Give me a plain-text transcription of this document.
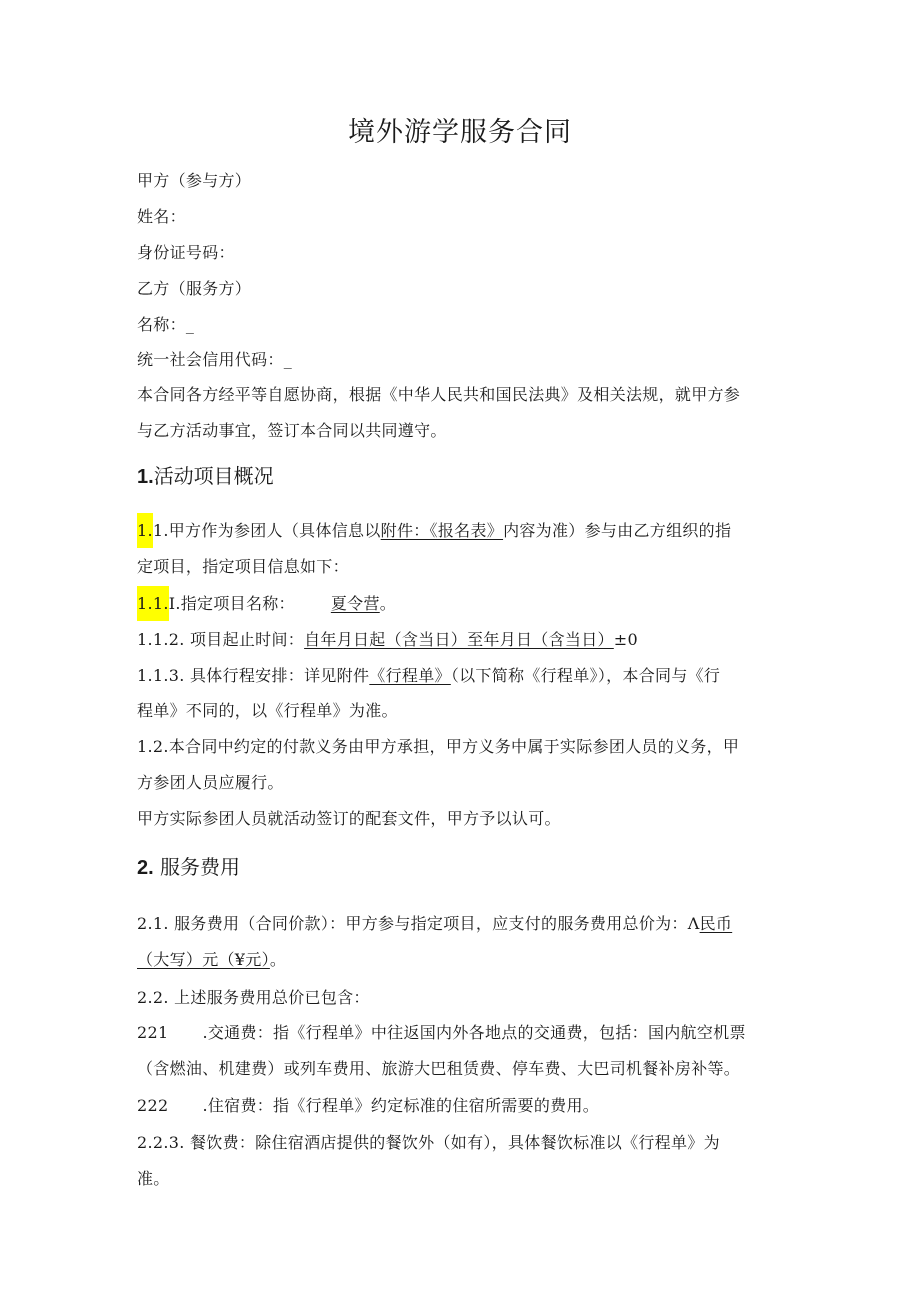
境外游学服务合同
甲方（参与方）
姓名：
身份证号码：
乙方（服务方）
名称：_
统一社会信用代码：_
本合同各方经平等自愿协商，根据《中华人民共和国民法典》及相关法规，就甲方参
与乙方活动事宜，签订本合同以共同遵守。
1.活动项目概况
1.1.甲方作为参团人（具体信息以附件：《报名表》内容为准）参与由乙方组织的指
定项目，指定项目信息如下：
1.1.I.指定项目名称： 夏令营。
1.1.2. 项目起止时间：自年月日起（含当日）至年月日（含当日）±0
1.1.3. 具体行程安排：详见附件《行程单》（以下简称《行程单》），本合同与《行
程单》不同的，以《行程单》为准。
1.2.本合同中约定的付款义务由甲方承担，甲方义务中属于实际参团人员的义务，甲
方参团人员应履行。
甲方实际参团人员就活动签订的配套文件，甲方予以认可。
2. 服务费用
2.1. 服务费用（合同价款）：甲方参与指定项目，应支付的服务费用总价为：Λ民币
（大写）元（¥元）。
2.2. 上述服务费用总价已包含：
221 .交通费：指《行程单》中往返国内外各地点的交通费，包括：国内航空机票
（含燃油、机建费）或列车费用、旅游大巴租赁费、停车费、大巴司机餐补房补等。
222 .住宿费：指《行程单》约定标准的住宿所需要的费用。
2.2.3. 餐饮费：除住宿酒店提供的餐饮外（如有），具体餐饮标准以《行程单》为
准。
